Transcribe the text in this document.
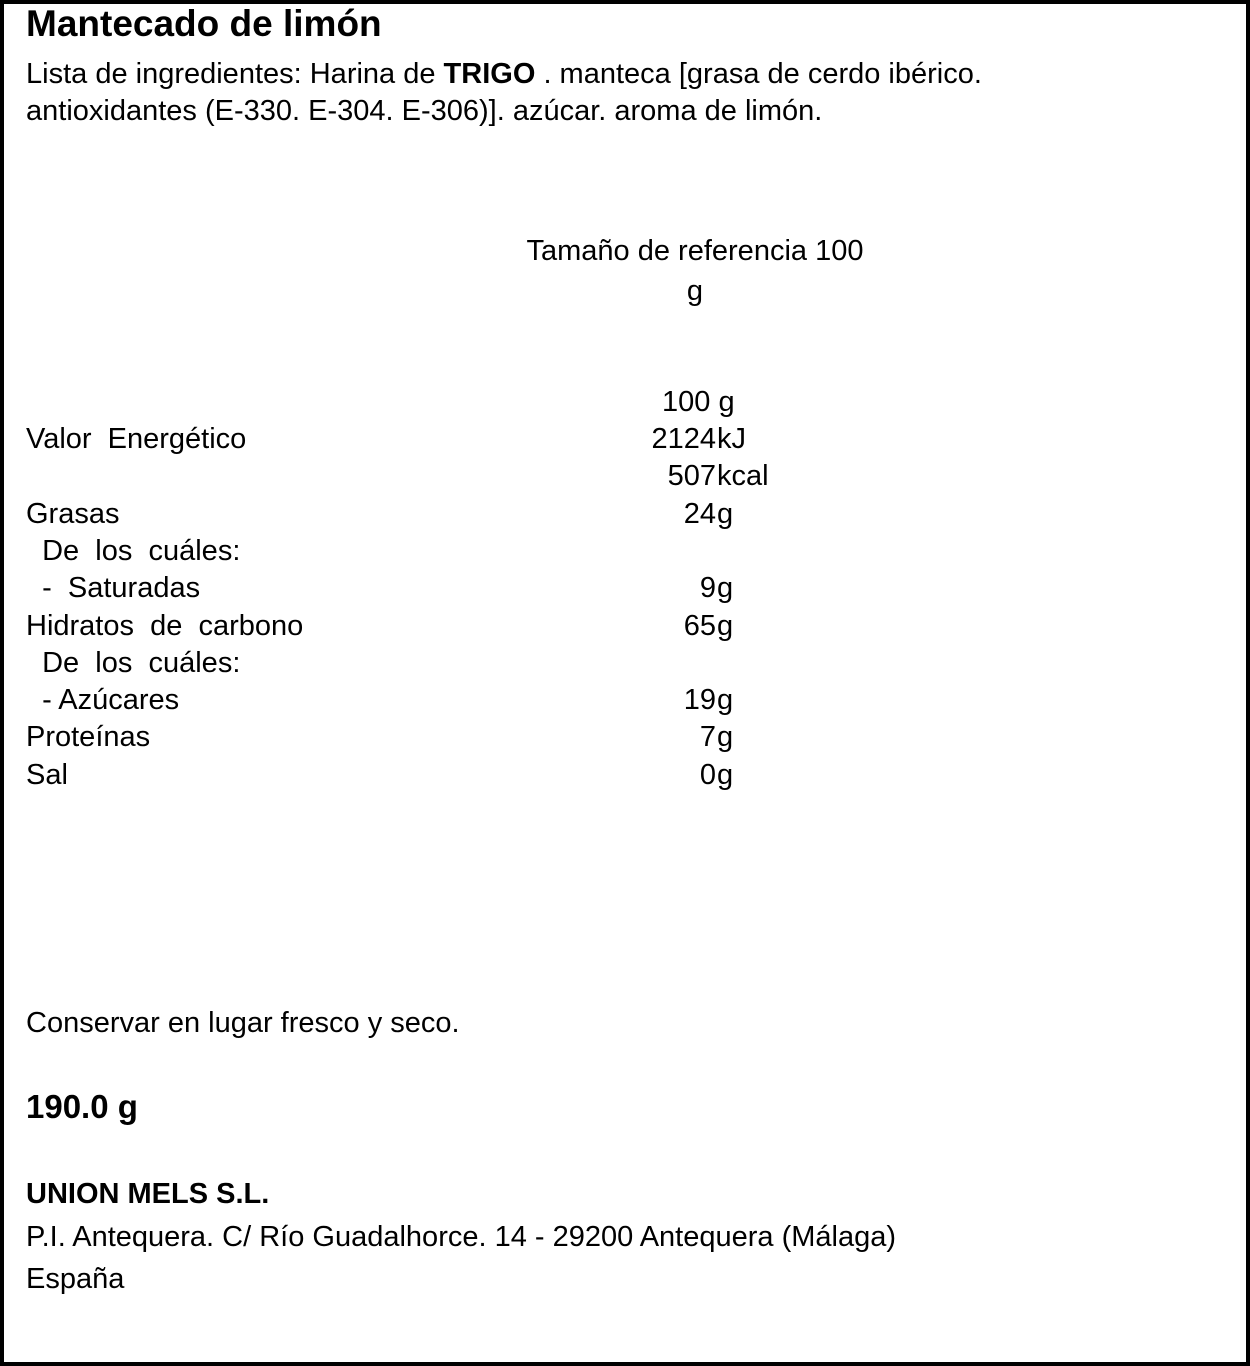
Mantecado de limón
Lista de ingredientes: Harina de TRIGO . manteca [grasa de cerdo ibérico.
antioxidantes (E-330. E-304. E-306)]. azúcar. aroma de limón.
Tamaño de referencia 100
g
100 g
Valor  Energético	2124 kJ
507 kcal
Grasas	24 g
De  los  cuáles:
-  Saturadas	9 g
Hidratos  de  carbono	65 g
De  los  cuáles:
- Azúcares	19 g
Proteínas	7 g
Sal	0 g
Conservar en lugar fresco y seco.
190.0 g
UNION MELS S.L.
P.I. Antequera. C/ Río Guadalhorce. 14 - 29200 Antequera (Málaga)
España
